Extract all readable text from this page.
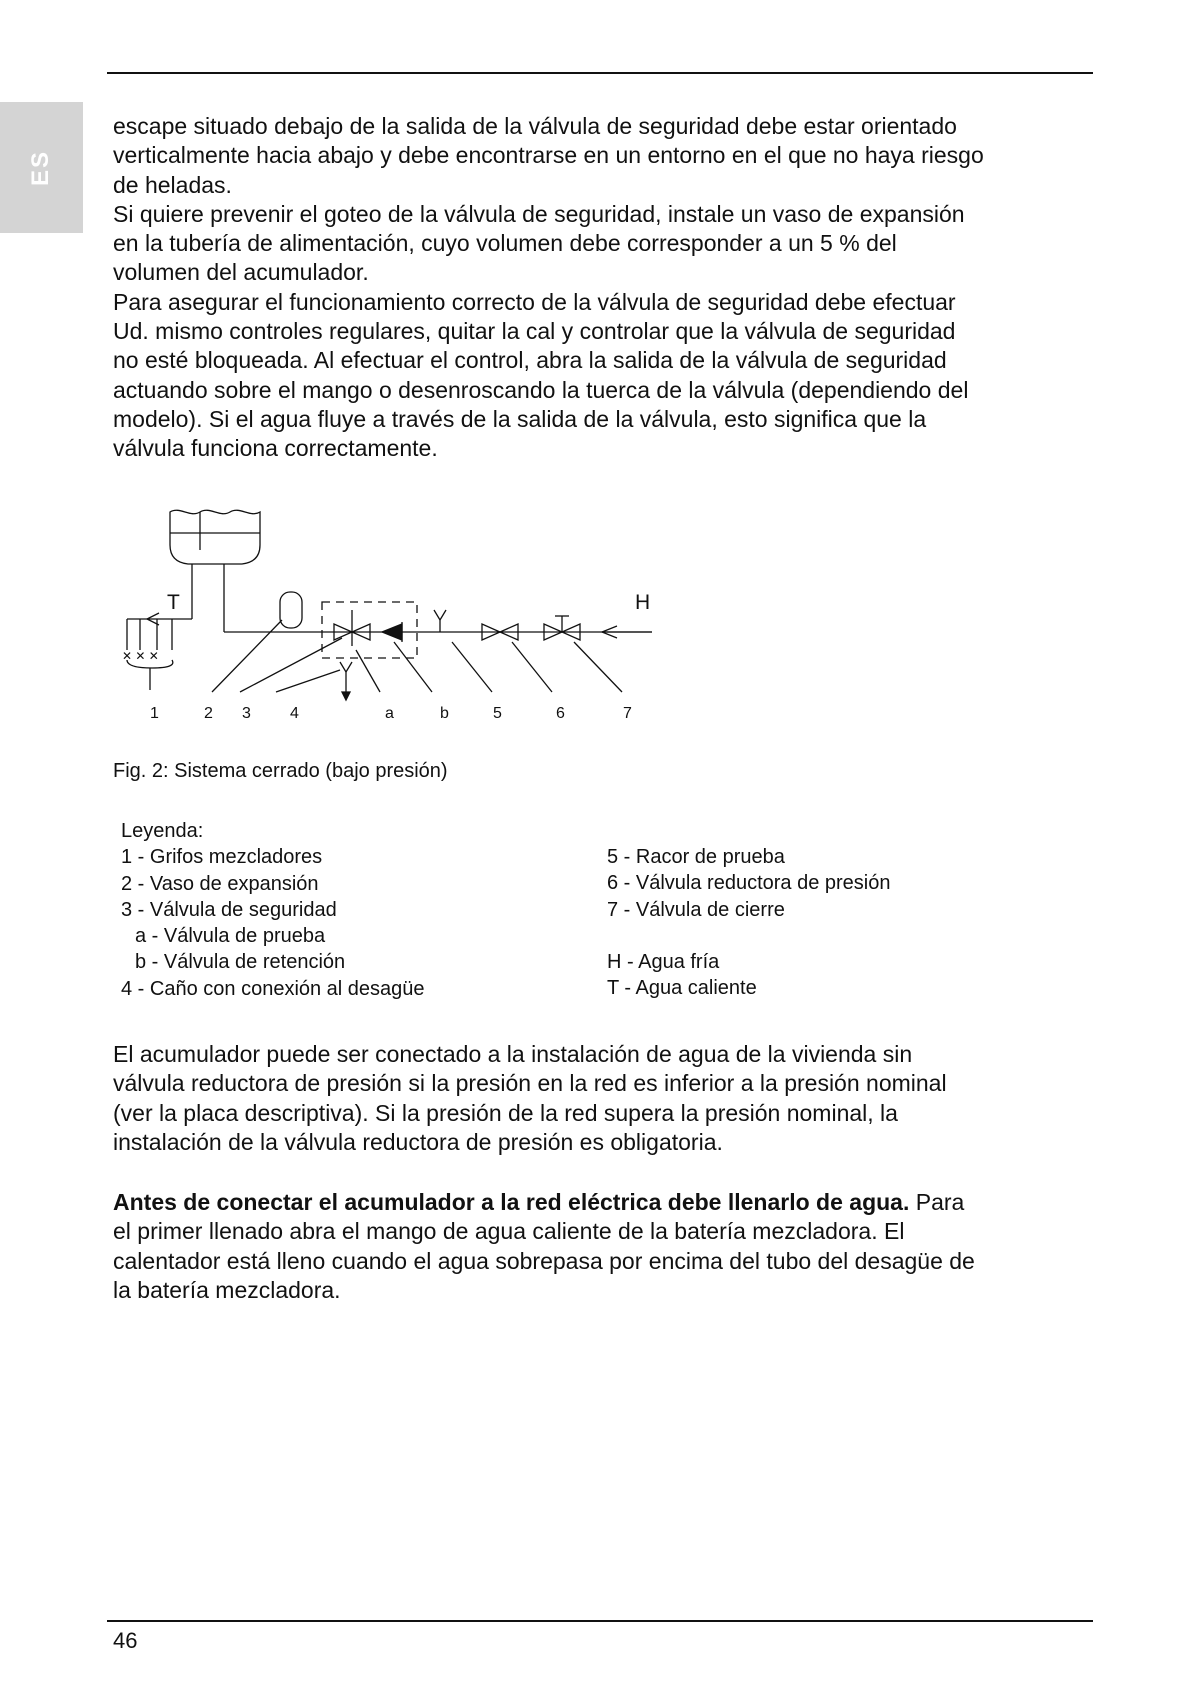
ES

escape situado debajo de la salida de la válvula de seguridad debe estar orientado

verticalmente hacia abajo y debe encontrarse en un entorno en el que no haya riesgo

de heladas.

Si quiere prevenir el goteo de la válvula de seguridad, instale un vaso de expansión

en la tubería de alimentación, cuyo volumen debe corresponder a un 5 % del

volumen del acumulador.

Para asegurar el funcionamiento correcto de la válvula de seguridad debe efectuar

Ud. mismo controles regulares, quitar la cal y controlar que la válvula de seguridad

no esté bloqueada. Al efectuar el control, abra la salida de la válvula de seguridad

actuando sobre el mango o desenroscando la tuerca de la válvula (dependiendo del

modelo). Si el agua fluye a través de la salida de la válvula, esto significa que la

válvula funciona correctamente.

✕ ✕ ✕
T	H
1	2 3 4	a	b	5	6	7
Fig. 2: Sistema cerrado (bajo presión)
Leyenda:
1 - Grifos mezcladores
2 - Vaso de expansión
3 - Válvula de seguridad
a - Válvula de prueba
b - Válvula de retención
4 - Caño con conexión al desagüe
5 - Racor de prueba
6 - Válvula reductora de presión
7 - Válvula de cierre
H - Agua fría
T - Agua caliente

El acumulador puede ser conectado a la instalación de agua de la vivienda sin

válvula reductora de presión si la presión en la red es inferior a la presión nominal

(ver la placa descriptiva). Si la presión de la red supera la presión nominal, la

instalación de la válvula reductora de presión es obligatoria.

Antes de conectar el acumulador a la red eléctrica debe llenarlo de agua. Para

el primer llenado abra el mango de agua caliente de la batería mezcladora. El

calentador está lleno cuando el agua sobrepasa por encima del tubo del desagüe de

la batería mezcladora.

46
